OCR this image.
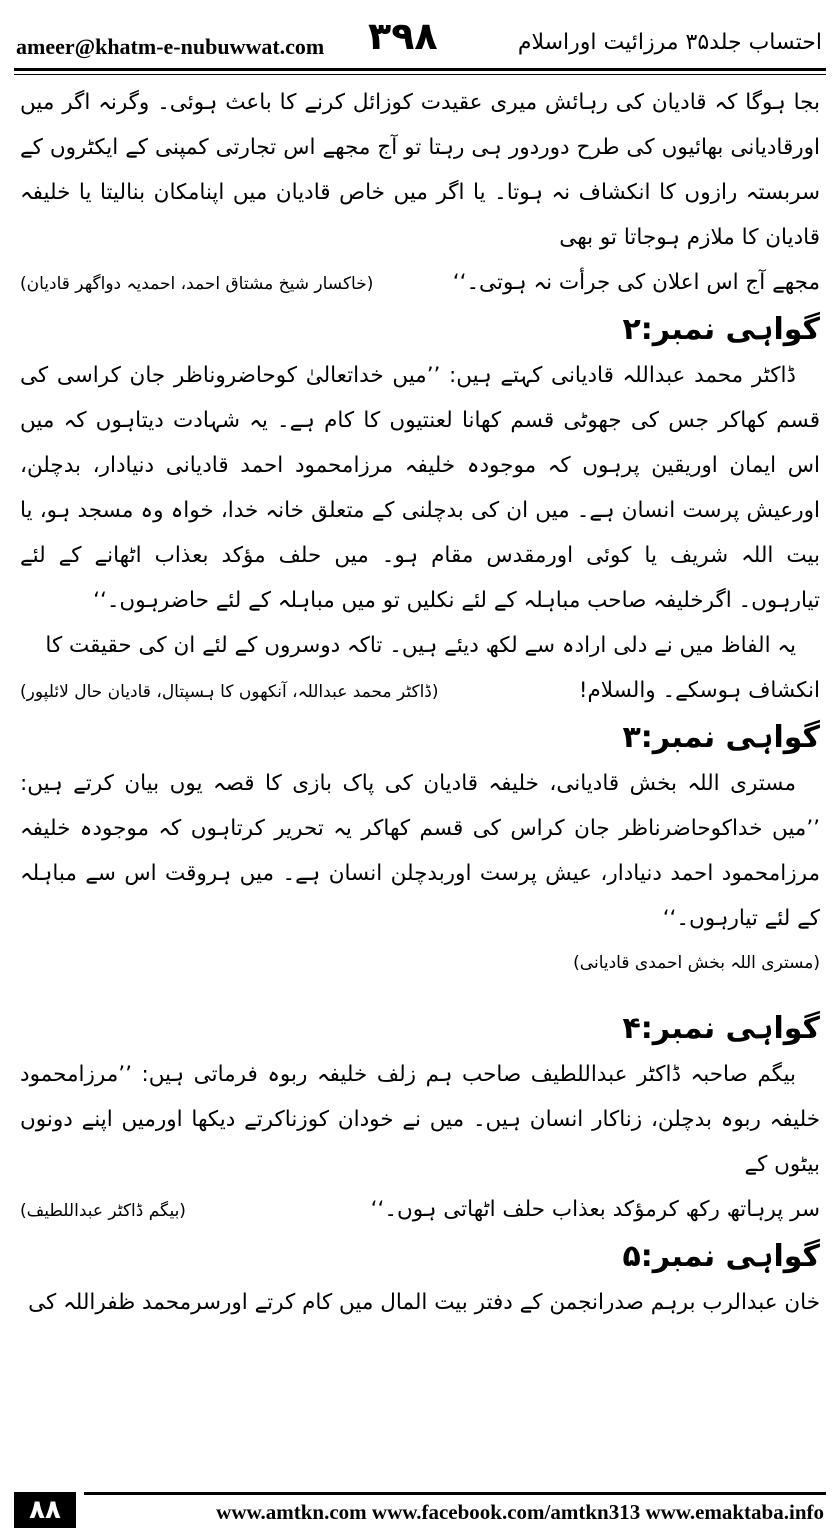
ameer@khatm-e-nubuwwat.com ۳۹۸	احتساب جلد۳۵ مرزائیت اوراسلام

بجا ہوگا کہ قادیان کی رہائش میری عقیدت کوزائل کرنے کا باعث ہوئی۔ وگرنہ اگر میں اورقادیانی بھائیوں کی طرح دوردور ہی رہتا تو آج مجھے اس تجارتی کمپنی کے ایکٹروں کے سربستہ رازوں کا انکشاف نہ ہوتا۔ یا اگر میں خاص قادیان میں اپنامکان بنالیتا یا خلیفہ قادیان کا ملازم ہوجاتا تو بھی

مجھے آج اس اعلان کی جرأت نہ ہوتی۔‘‘
(خاکسار شیخ مشتاق احمد، احمدیہ دواگھر قادیان)

گواہی نمبر:۲

ڈاکٹر محمد عبداللہ قادیانی کہتے ہیں: ’’میں خداتعالیٰ کوحاضروناظر جان کراسی کی قسم کھاکر جس کی جھوٹی قسم کھانا لعنتیوں کا کام ہے۔ یہ شہادت دیتاہوں کہ میں اس ایمان اوریقین پرہوں کہ موجودہ خلیفہ مرزامحمود احمد قادیانی دنیادار، بدچلن، اورعیش پرست انسان ہے۔ میں ان کی بدچلنی کے متعلق خانہ خدا، خواہ وہ مسجد ہو، یا بیت اللہ شریف یا کوئی اورمقدس مقام ہو۔ میں حلف مؤکد بعذاب اٹھانے کے لئے تیارہوں۔ اگرخلیفہ صاحب مباہلہ کے لئے نکلیں تو میں مباہلہ کے لئے حاضرہوں۔‘‘

یہ الفاظ میں نے دلی ارادہ سے لکھ دیئے ہیں۔ تاکہ دوسروں کے لئے ان کی حقیقت کا

انکشاف ہوسکے۔ والسلام!
(ڈاکٹر محمد عبداللہ، آنکھوں کا ہسپتال، قادیان حال لائلپور)

گواہی نمبر:۳

مستری اللہ بخش قادیانی، خلیفہ قادیان کی پاک بازی کا قصہ یوں بیان کرتے ہیں: ’’میں خداکوحاضرناظر جان کراس کی قسم کھاکر یہ تحریر کرتاہوں کہ موجودہ خلیفہ مرزامحمود احمد دنیادار، عیش پرست اوربدچلن انسان ہے۔ میں ہروقت اس سے مباہلہ کے لئے تیارہوں۔‘‘

(مستری اللہ بخش احمدی قادیانی)

گواہی نمبر:۴

بیگم صاحبہ ڈاکٹر عبداللطیف صاحب ہم زلف خلیفہ ربوہ فرماتی ہیں: ’’مرزامحمود خلیفہ ربوہ بدچلن، زناکار انسان ہیں۔ میں نے خودان کوزناکرتے دیکھا اورمیں اپنے دونوں بیٹوں کے

سر پرہاتھ رکھ کرمؤکد بعذاب حلف اٹھاتی ہوں۔‘‘
(بیگم ڈاکٹر عبداللطیف)

گواہی نمبر:۵

خان عبدالرب برہم صدرانجمن کے دفتر بیت المال میں کام کرتے اورسرمحمد ظفراللہ کی

۸۸	www.amtkn.com www.facebook.com/amtkn313 www.emaktaba.info
